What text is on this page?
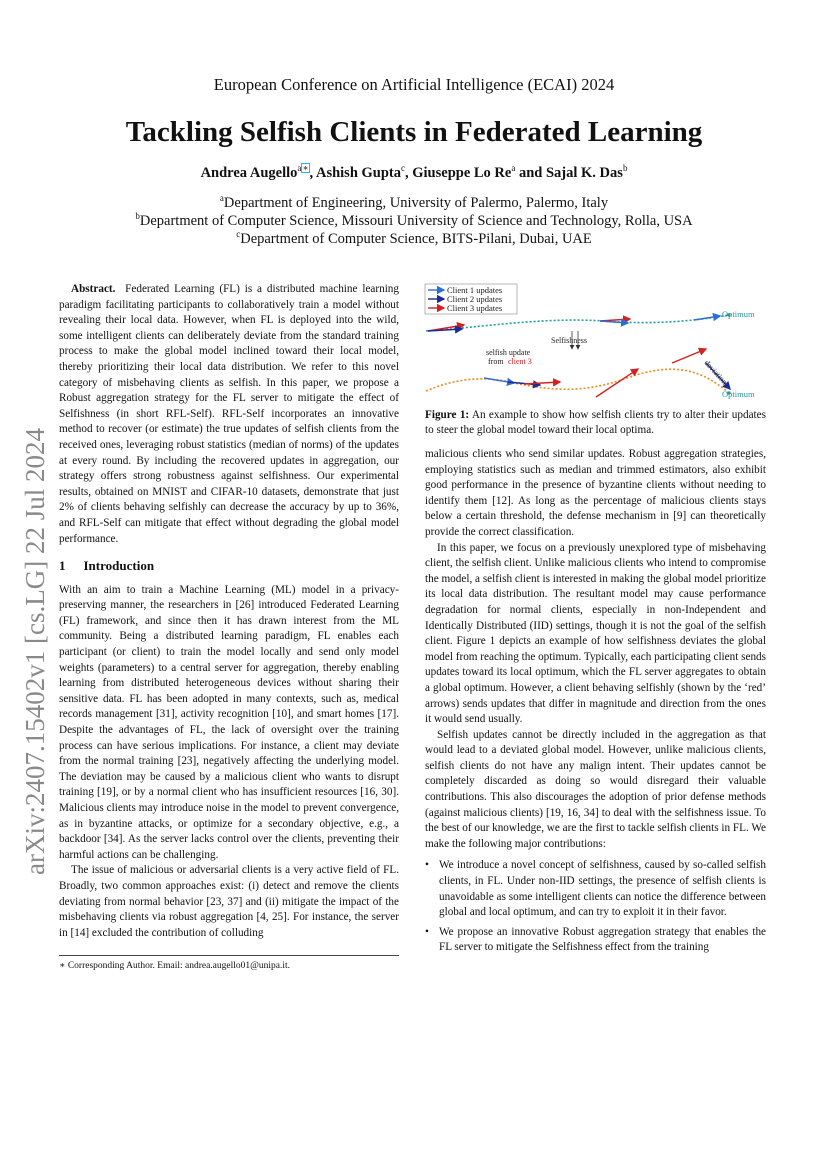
European Conference on Artificial Intelligence (ECAI) 2024
Tackling Selfish Clients in Federated Learning
Andrea Augello$^{a∗}$, Ashish Gupta$^c$, Giuseppe Lo Re$^a$ and Sajal K. Das$^b$
$^a$Department of Engineering, University of Palermo, Palermo, Italy
$^b$Department of Computer Science, Missouri University of Science and Technology, Rolla, USA
$^c$Department of Computer Science, BITS-Pilani, Dubai, UAE
arXiv:2407.15402v1 [cs.LG] 22 Jul 2024

Abstract. Federated Learning (FL) is a distributed machine learning paradigm facilitating participants to collaboratively train a model without revealing their local data. However, when FL is deployed into the wild, some intelligent clients can deliberately deviate from the standard training process to make the global model inclined toward their local model, thereby prioritizing their local data distribution. We refer to this novel category of misbehaving clients as selfish. In this paper, we propose a Robust aggregation strategy for the FL server to mitigate the effect of Selfishness (in short RFL-Self). RFL-Self incorporates an innovative method to recover (or estimate) the true updates of selfish clients from the received ones, leveraging robust statistics (median of norms) of the updates at every round. By including the recovered updates in aggregation, our strategy offers strong robustness against selfishness. Our experimental results, obtained on MNIST and CIFAR-10 datasets, demonstrate that just 2% of clients behaving selfishly can decrease the accuracy by up to 36%, and RFL-Self can mitigate that effect without degrading the global model performance.

1 Introduction

With an aim to train a Machine Learning (ML) model in a privacy-preserving manner, the researchers in [26] introduced Federated Learning (FL) framework, and since then it has drawn interest from the ML community. Being a distributed learning paradigm, FL enables each participant (or client) to train the model locally and send only model weights (parameters) to a central server for aggregation, thereby enabling learning from distributed heterogeneous devices without sharing their sensitive data. FL has been adopted in many contexts, such as, medical records management [31], activity recognition [10], and smart homes [17]. Despite the advantages of FL, the lack of oversight over the training process can have serious implications. For instance, a client may deviate from the normal training [23], negatively affecting the underlying model. The deviation may be caused by a malicious client who wants to disrupt training [19], or by a normal client who has insufficient resources [16, 30]. Malicious clients may introduce noise in the model to prevent convergence, as in byzantine attacks, or optimize for a secondary objective, e.g., a backdoor [34]. As the server lacks control over the clients, preventing their harmful actions can be challenging.

The issue of malicious or adversarial clients is a very active field of FL. Broadly, two common approaches exist: (i) detect and remove the clients deviating from normal behavior [23, 37] and (ii) mitigate the impact of the misbehaving clients via robust aggregation [4, 25]. For instance, the server in [14] excluded the contribution of colluding

∗ Corresponding Author. Email: andrea.augello01@unipa.it.
Client 1 updates
Client 2 updates
Client 3 updates
Optimum
Optimum
Selfishness
selfish update
from client 3	deviation
Figure 1: An example to show how selfish clients try to alter their updates to steer the global model toward their local optima.

malicious clients who send similar updates. Robust aggregation strategies, employing statistics such as median and trimmed estimators, also exhibit good performance in the presence of byzantine clients without needing to identify them [12]. As long as the percentage of malicious clients stays below a certain threshold, the defense mechanism in [9] can theoretically provide the correct classification.

In this paper, we focus on a previously unexplored type of misbehaving client, the selfish client. Unlike malicious clients who intend to compromise the model, a selfish client is interested in making the global model prioritize its local data distribution. The resultant model may cause performance degradation for normal clients, especially in non-Independent and Identically Distributed (IID) settings, though it is not the goal of the selfish client. Figure 1 depicts an example of how selfishness deviates the global model from reaching the optimum. Typically, each participating client sends updates toward its local optimum, which the FL server aggregates to obtain a global optimum. However, a client behaving selfishly (shown by the ‘red’ arrows) sends updates that differ in magnitude and direction from the ones it would send usually.

Selfish updates cannot be directly included in the aggregation as that would lead to a deviated global model. However, unlike malicious clients, selfish clients do not have any malign intent. Their updates cannot be completely discarded as doing so would disregard their valuable contributions. This also discourages the adoption of prior defense methods (against malicious clients) [19, 16, 34] to deal with the selfishness issue. To the best of our knowledge, we are the first to tackle selfish clients in FL. We make the following major contributions:

• We introduce a novel concept of selfishness, caused by so-called selfish clients, in FL. Under non-IID settings, the presence of selfish clients is unavoidable as some intelligent clients can notice the difference between global and local optimum, and can try to exploit it in their favor.
• We propose an innovative Robust aggregation strategy that enables the FL server to mitigate the Selfishness effect from the training
